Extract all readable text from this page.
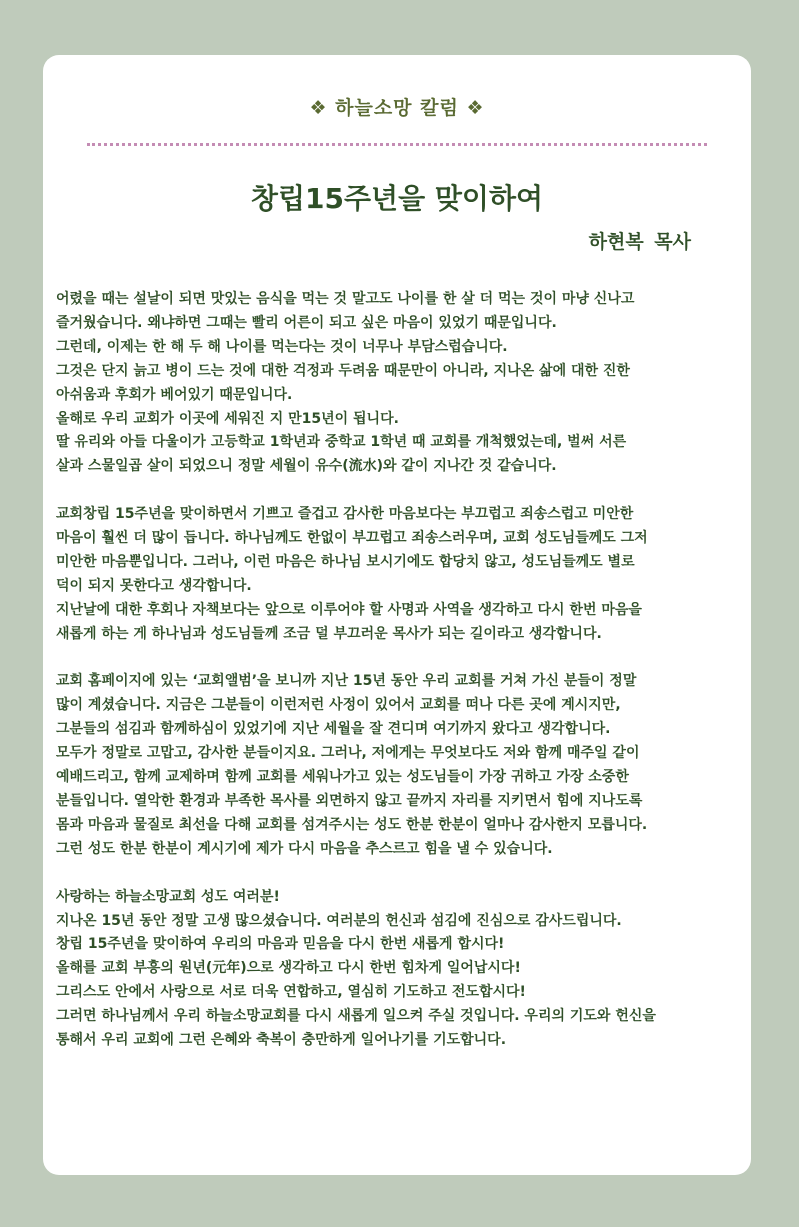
❖ 하늘소망 칼럼 ❖
창립15주년을 맞이하여
하현복 목사
어렸을 때는 설날이 되면 맛있는 음식을 먹는 것 말고도 나이를 한 살 더 먹는 것이 마냥 신나고
즐거웠습니다. 왜냐하면 그때는 빨리 어른이 되고 싶은 마음이 있었기 때문입니다.
그런데, 이제는 한 해 두 해 나이를 먹는다는 것이 너무나 부담스럽습니다.
그것은 단지 늙고 병이 드는 것에 대한 걱정과 두려움 때문만이 아니라, 지나온 삶에 대한 진한
아쉬움과 후회가 베어있기 때문입니다.
올해로 우리 교회가 이곳에 세워진 지 만15년이 됩니다.
딸 유리와 아들 다울이가 고등학교 1학년과 중학교 1학년 때 교회를 개척했었는데, 벌써 서른
살과 스물일곱 살이 되었으니 정말 세월이 유수(流水)와 같이 지나간 것 같습니다.
교회창립 15주년을 맞이하면서 기쁘고 즐겁고 감사한 마음보다는 부끄럽고 죄송스럽고 미안한
마음이 훨씬 더 많이 듭니다. 하나님께도 한없이 부끄럽고 죄송스러우며, 교회 성도님들께도 그저
미안한 마음뿐입니다. 그러나, 이런 마음은 하나님 보시기에도 합당치 않고, 성도님들께도 별로
덕이 되지 못한다고 생각합니다.
지난날에 대한 후회나 자책보다는 앞으로 이루어야 할 사명과 사역을 생각하고 다시 한번 마음을
새롭게 하는 게 하나님과 성도님들께 조금 덜 부끄러운 목사가 되는 길이라고 생각합니다.
교회 홈페이지에 있는 ‘교회앨범’을 보니까 지난 15년 동안 우리 교회를 거쳐 가신 분들이 정말
많이 계셨습니다. 지금은 그분들이 이런저런 사정이 있어서 교회를 떠나 다른 곳에 계시지만,
그분들의 섬김과 함께하심이 있었기에 지난 세월을 잘 견디며 여기까지 왔다고 생각합니다.
모두가 정말로 고맙고, 감사한 분들이지요. 그러나, 저에게는 무엇보다도 저와 함께 매주일 같이
예배드리고, 함께 교제하며 함께 교회를 세워나가고 있는 성도님들이 가장 귀하고 가장 소중한
분들입니다. 열악한 환경과 부족한 목사를 외면하지 않고 끝까지 자리를 지키면서 힘에 지나도록
몸과 마음과 물질로 최선을 다해 교회를 섬겨주시는 성도 한분 한분이 얼마나 감사한지 모릅니다.
그런 성도 한분 한분이 계시기에 제가 다시 마음을 추스르고 힘을 낼 수 있습니다.
사랑하는 하늘소망교회 성도 여러분!
지나온 15년 동안 정말 고생 많으셨습니다. 여러분의 헌신과 섬김에 진심으로 감사드립니다.
창립 15주년을 맞이하여 우리의 마음과 믿음을 다시 한번 새롭게 합시다!
올해를 교회 부흥의 원년(元年)으로 생각하고 다시 한번 힘차게 일어납시다!
그리스도 안에서 사랑으로 서로 더욱 연합하고, 열심히 기도하고 전도합시다!
그러면 하나님께서 우리 하늘소망교회를 다시 새롭게 일으켜 주실 것입니다. 우리의 기도와 헌신을
통해서 우리 교회에 그런 은혜와 축복이 충만하게 일어나기를 기도합니다.
